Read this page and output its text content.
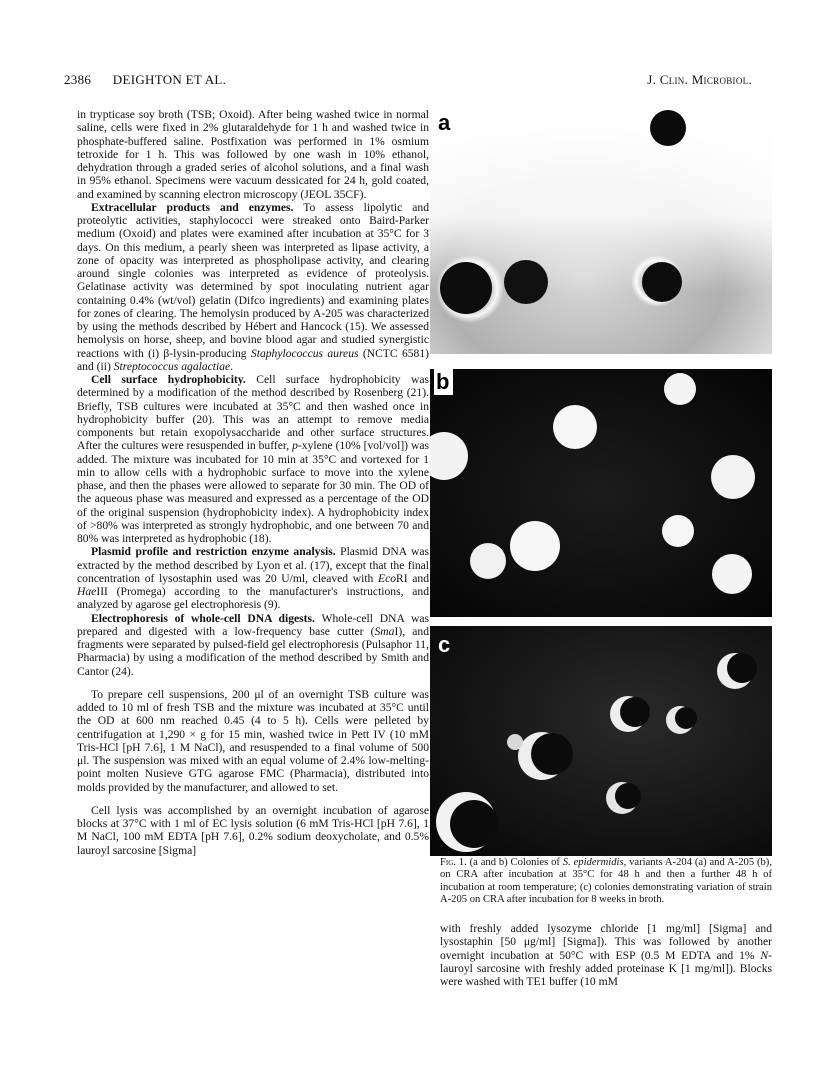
2386 DEIGHTON ET AL.	J. Clin. Microbiol.

in trypticase soy broth (TSB; Oxoid). After being washed twice in normal saline, cells were fixed in 2% glutaraldehyde for 1 h and washed twice in phosphate-buffered saline. Postfixation was performed in 1% osmium tetroxide for 1 h. This was followed by one wash in 10% ethanol, dehydration through a graded series of alcohol solutions, and a final wash in 95% ethanol. Specimens were vacuum dessicated for 24 h, gold coated, and examined by scanning electron microscopy (JEOL 35CF).

Extracellular products and enzymes. To assess lipolytic and proteolytic activities, staphylococci were streaked onto Baird-Parker medium (Oxoid) and plates were examined after incubation at 35°C for 3 days. On this medium, a pearly sheen was interpreted as lipase activity, a zone of opacity was interpreted as phospholipase activity, and clearing around single colonies was interpreted as evidence of proteolysis. Gelatinase activity was determined by spot inoculating nutrient agar containing 0.4% (wt/vol) gelatin (Difco ingredients) and examining plates for zones of clearing. The hemolysin produced by A-205 was characterized by using the methods described by Hébert and Hancock (15). We assessed hemolysis on horse, sheep, and bovine blood agar and studied synergistic reactions with (i) β-lysin-producing Staphylococcus aureus (NCTC 6581) and (ii) Streptococcus agalactiae.

Cell surface hydrophobicity. Cell surface hydrophobicity was determined by a modification of the method described by Rosenberg (21). Briefly, TSB cultures were incubated at 35°C and then washed once in hydrophobicity buffer (20). This was an attempt to remove media components but retain exopolysaccharide and other surface structures. After the cultures were resuspended in buffer, p-xylene (10% [vol/vol]) was added. The mixture was incubated for 10 min at 35°C and vortexed for 1 min to allow cells with a hydrophobic surface to move into the xylene phase, and then the phases were allowed to separate for 30 min. The OD of the aqueous phase was measured and expressed as a percentage of the OD of the original suspension (hydrophobicity index). A hydrophobicity index of >80% was interpreted as strongly hydrophobic, and one between 70 and 80% was interpreted as hydrophobic (18).

Plasmid profile and restriction enzyme analysis. Plasmid DNA was extracted by the method described by Lyon et al. (17), except that the final concentration of lysostaphin used was 20 U/ml, cleaved with EcoRI and HaeIII (Promega) according to the manufacturer's instructions, and analyzed by agarose gel electrophoresis (9).

Electrophoresis of whole-cell DNA digests. Whole-cell DNA was prepared and digested with a low-frequency base cutter (SmaI), and fragments were separated by pulsed-field gel electrophoresis (Pulsaphor 11, Pharmacia) by using a modification of the method described by Smith and Cantor (24).

To prepare cell suspensions, 200 μl of an overnight TSB culture was added to 10 ml of fresh TSB and the mixture was incubated at 35°C until the OD at 600 nm reached 0.45 (4 to 5 h). Cells were pelleted by centrifugation at 1,290 × g for 15 min, washed twice in Pett IV (10 mM Tris-HCl [pH 7.6], 1 M NaCl), and resuspended to a final volume of 500 μl. The suspension was mixed with an equal volume of 2.4% low-melting-point molten Nusieve GTG agarose FMC (Pharmacia), distributed into molds provided by the manufacturer, and allowed to set.

Cell lysis was accomplished by an overnight incubation of agarose blocks at 37°C with 1 ml of EC lysis solution (6 mM Tris-HCl [pH 7.6], 1 M NaCl, 100 mM EDTA [pH 7.6], 0.2% sodium deoxycholate, and 0.5% lauroyl sarcosine [Sigma]

a
b
c
Fig. 1. (a and b) Colonies of S. epidermidis, variants A-204 (a) and A-205 (b), on CRA after incubation at 35°C for 48 h and then a further 48 h of incubation at room temperature; (c) colonies demonstrating variation of strain A-205 on CRA after incubation for 8 weeks in broth.

with freshly added lysozyme chloride [1 mg/ml] [Sigma] and lysostaphin [50 μg/ml] [Sigma]). This was followed by another overnight incubation at 50°C with ESP (0.5 M EDTA and 1% N-lauroyl sarcosine with freshly added proteinase K [1 mg/ml]). Blocks were washed with TE1 buffer (10 mM
